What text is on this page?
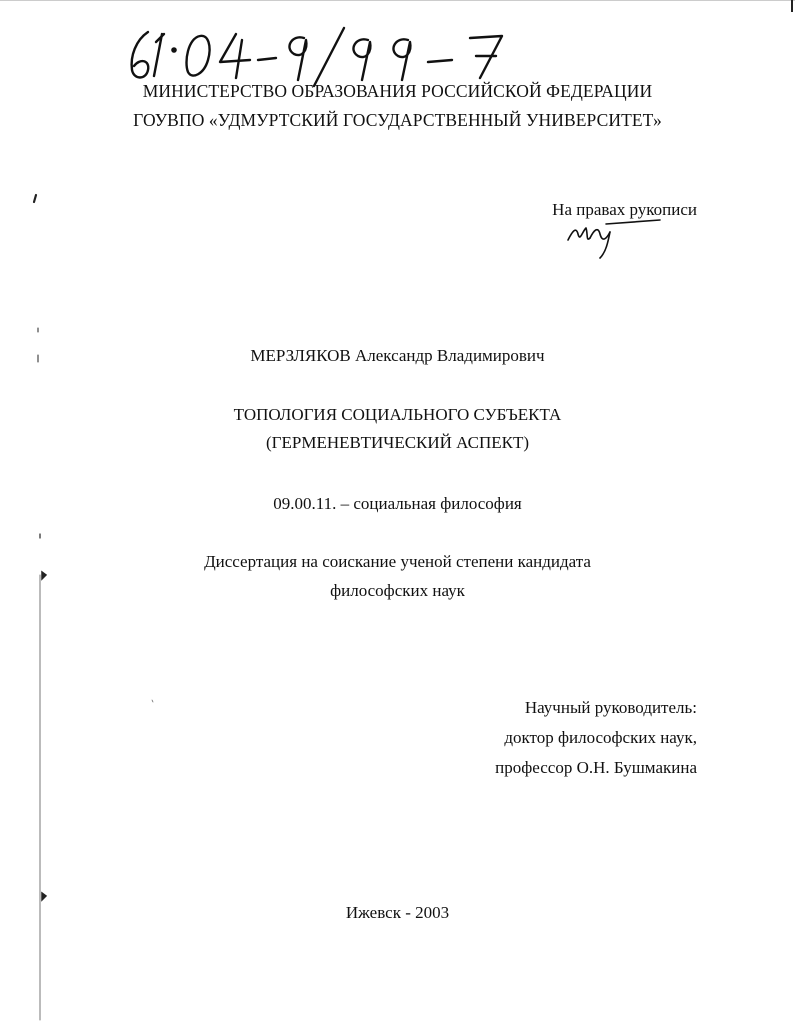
МИНИСТЕРСТВО ОБРАЗОВАНИЯ РОССИЙСКОЙ ФЕДЕРАЦИИ
ГОУВПО «УДМУРТСКИЙ ГОСУДАРСТВЕННЫЙ УНИВЕРСИТЕТ»
На правах рукописи
МЕРЗЛЯКОВ Александр Владимирович
ТОПОЛОГИЯ СОЦИАЛЬНОГО СУБЪЕКТА
(ГЕРМЕНЕВТИЧЕСКИЙ АСПЕКТ)
09.00.11. – социальная философия
Диссертация на соискание ученой степени кандидата
философских наук
Научный руководитель:
доктор философских наук,
профессор О.Н. Бушмакина
Ижевск - 2003
